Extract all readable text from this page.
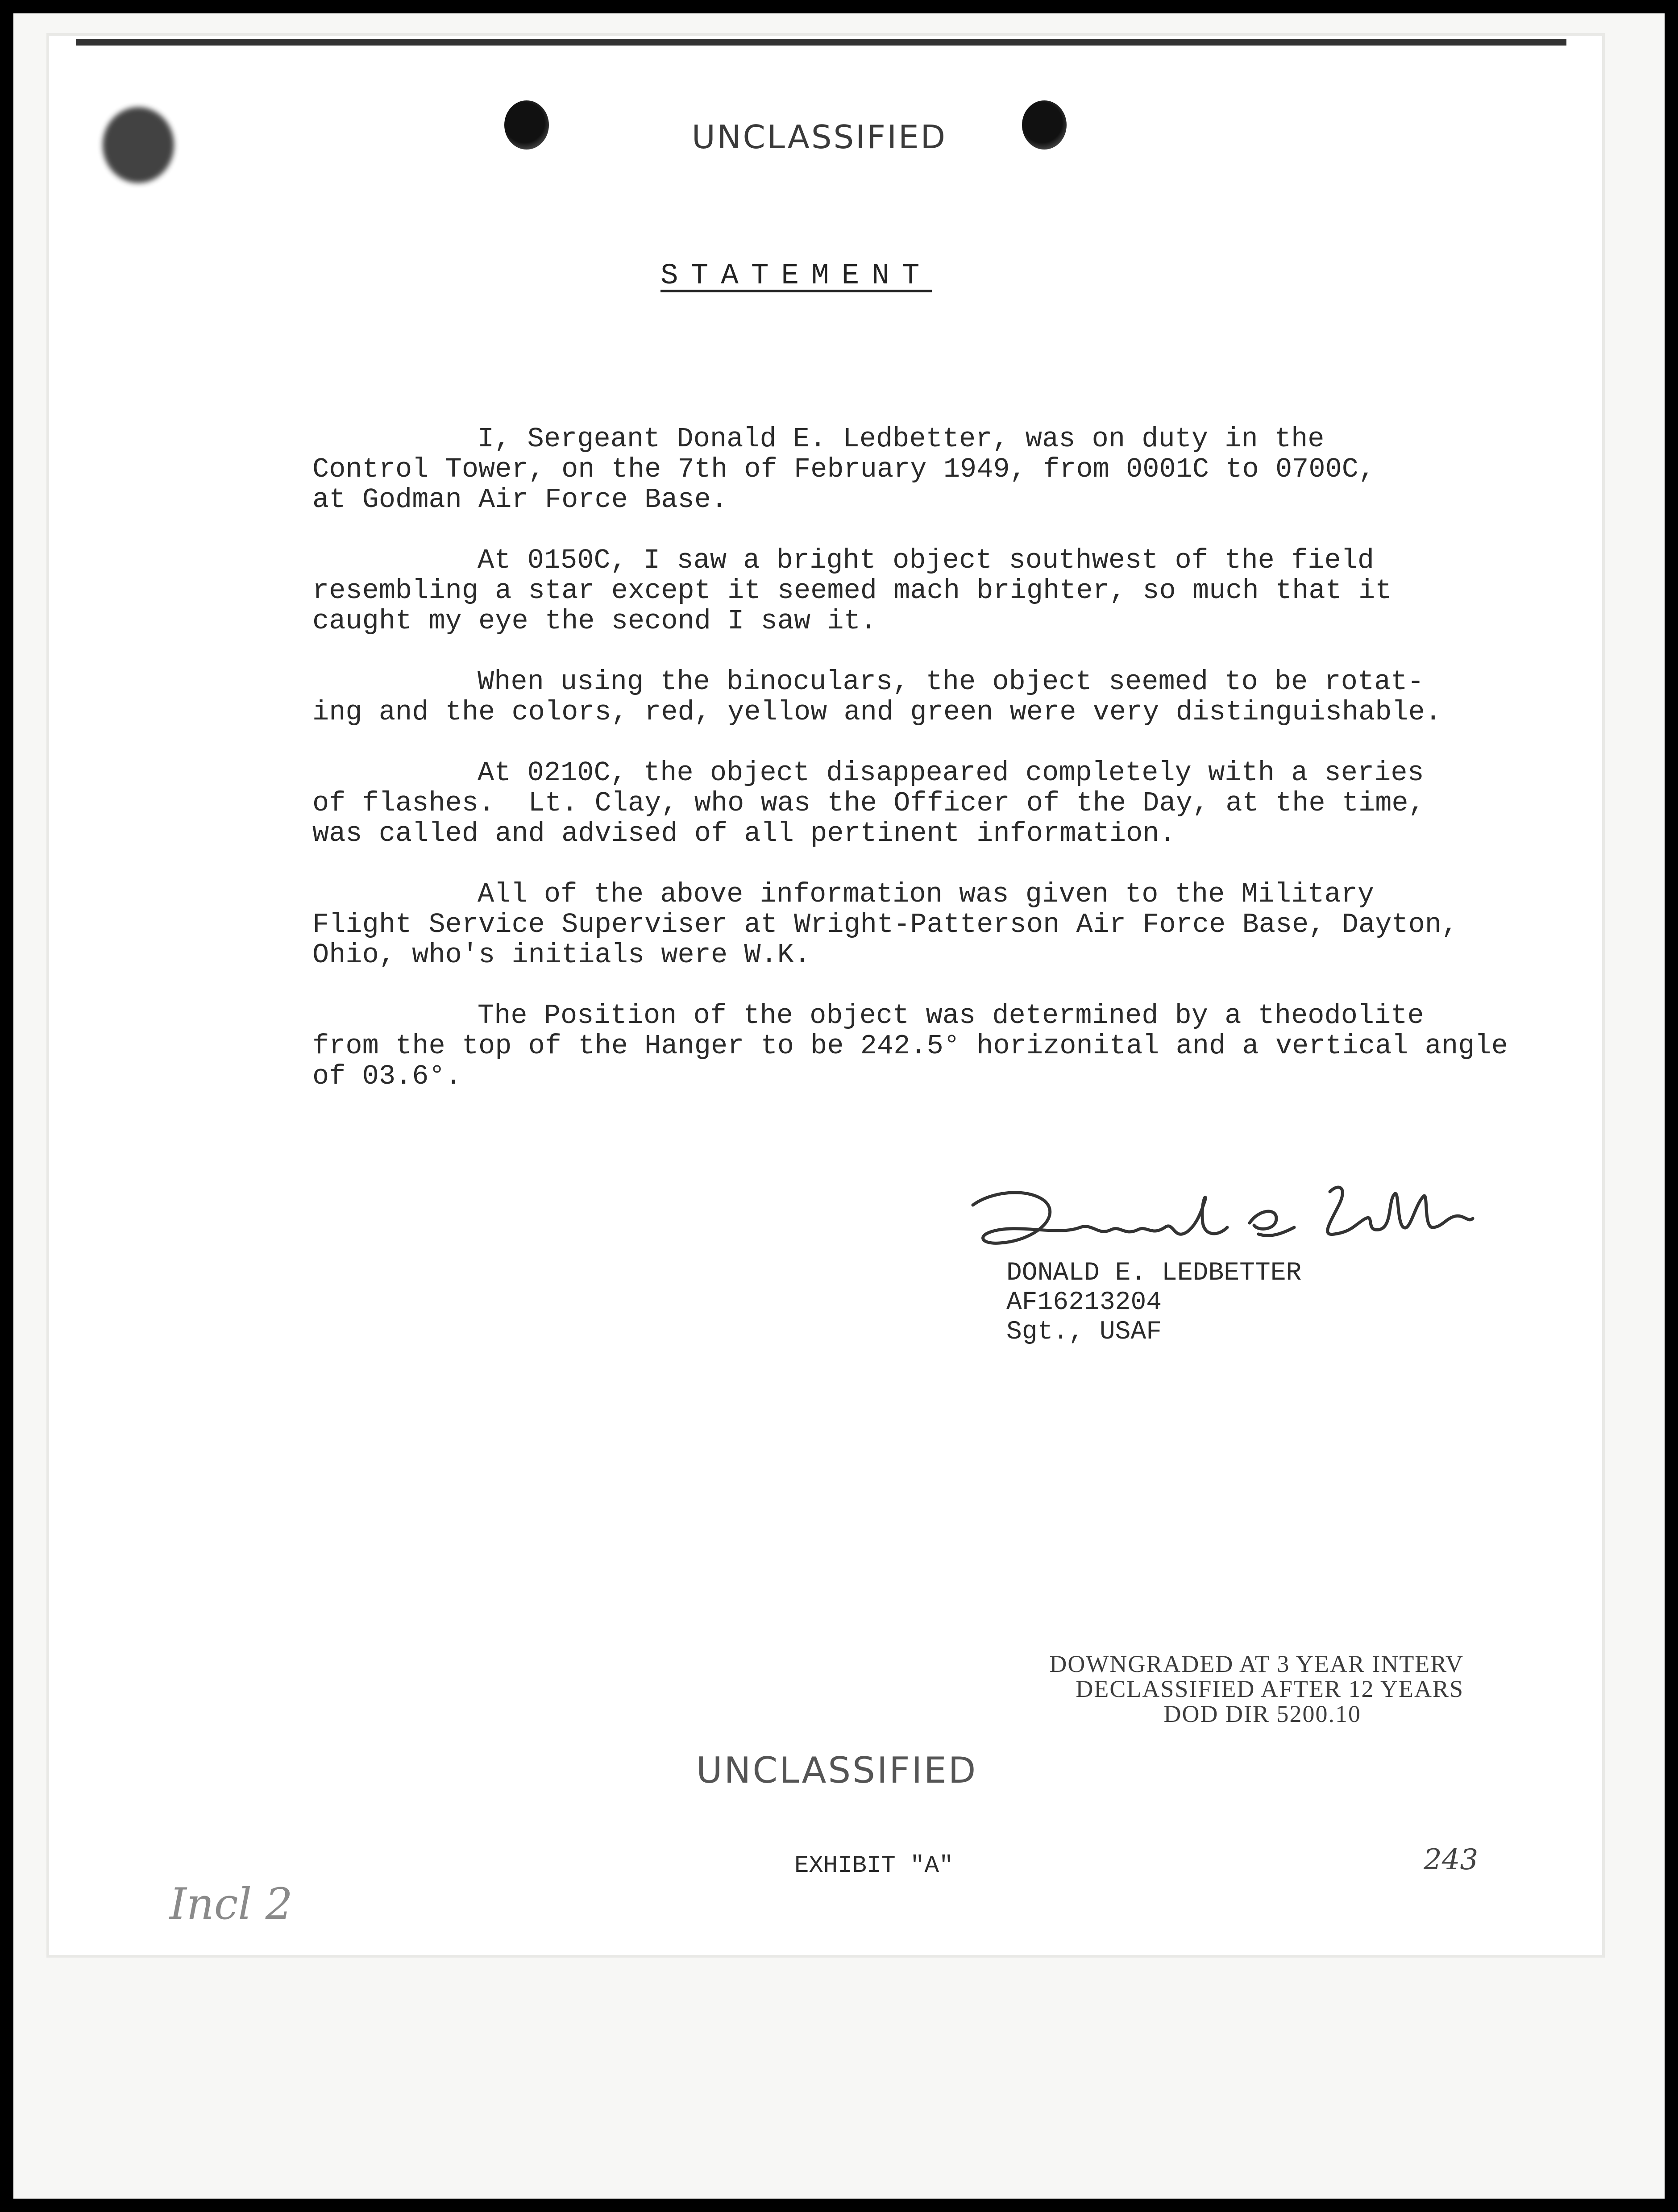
UNCLASSIFIED
STATEMENT
I, Sergeant Donald E. Ledbetter, was on duty in the
Control Tower, on the 7th of February 1949, from 0001C to 0700C,
at Godman Air Force Base.
At 0150C, I saw a bright object southwest of the field
resembling a star except it seemed mach brighter, so much that it
caught my eye the second I saw it.
When using the binoculars, the object seemed to be rotat-
ing and the colors, red, yellow and green were very distinguishable.
At 0210C, the object disappeared completely with a series
of flashes.  Lt. Clay, who was the Officer of the Day, at the time,
was called and advised of all pertinent information.
All of the above information was given to the Military
Flight Service Superviser at Wright-Patterson Air Force Base, Dayton,
Ohio, who's initials were W.K.
The Position of the object was determined by a theodolite
from the top of the Hanger to be 242.5° horizonital and a vertical angle
of 03.6°.
DONALD E. LEDBETTER
AF16213204
Sgt., USAF
DOWNGRADED AT 3 YEAR INTERV
DECLASSIFIED AFTER 12 YEARS
DOD DIR 5200.10
UNCLASSIFIED
EXHIBIT "A"	243
Incl 2
